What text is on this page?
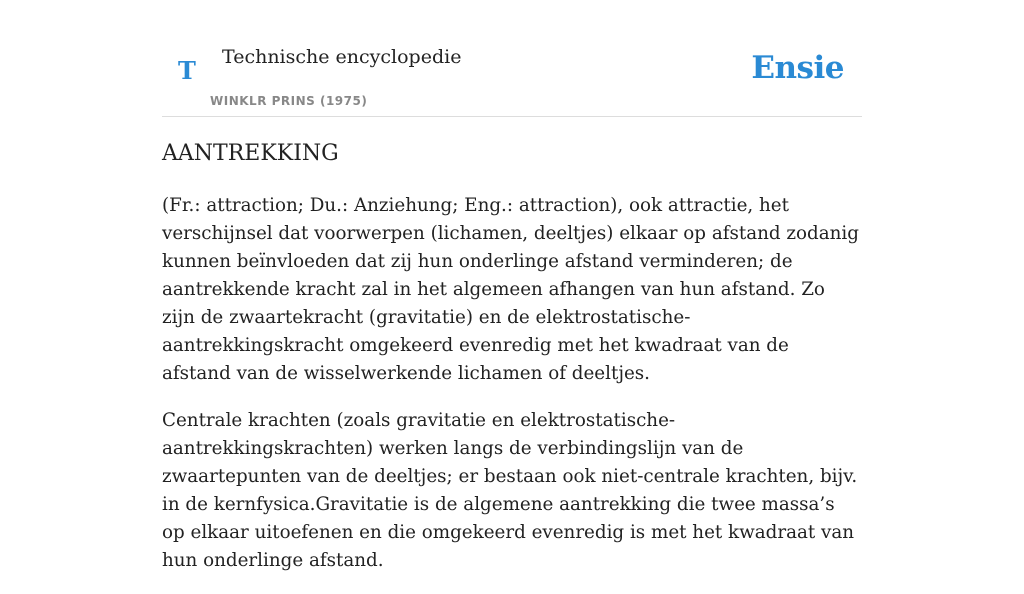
T Technische encyclopedie
WINKLR PRINS (1975)
Ensie
AANTREKKING

(Fr.: attraction; Du.: Anziehung; Eng.: attraction), ook attractie, het verschijnsel dat voorwerpen (lichamen, deeltjes) elkaar op afstand zodanig kunnen beïnvloeden dat zij hun onderlinge afstand verminderen; de aantrekkende kracht zal in het algemeen afhangen van hun afstand. Zo zijn de zwaartekracht (gravitatie) en de elektrostatische-aantrekkingskracht omgekeerd evenredig met het kwadraat van de afstand van de wisselwerkende lichamen of deeltjes.

Centrale krachten (zoals gravitatie en elektrostatische-aantrekkingskrachten) werken langs de verbindingslijn van de zwaartepunten van de deeltjes; er bestaan ook niet-centrale krachten, bijv. in de kernfysica.Gravitatie is de algemene aantrekking die twee massa’s op elkaar uitoefenen en die omgekeerd evenredig is met het kwadraat van hun onderlinge afstand.
